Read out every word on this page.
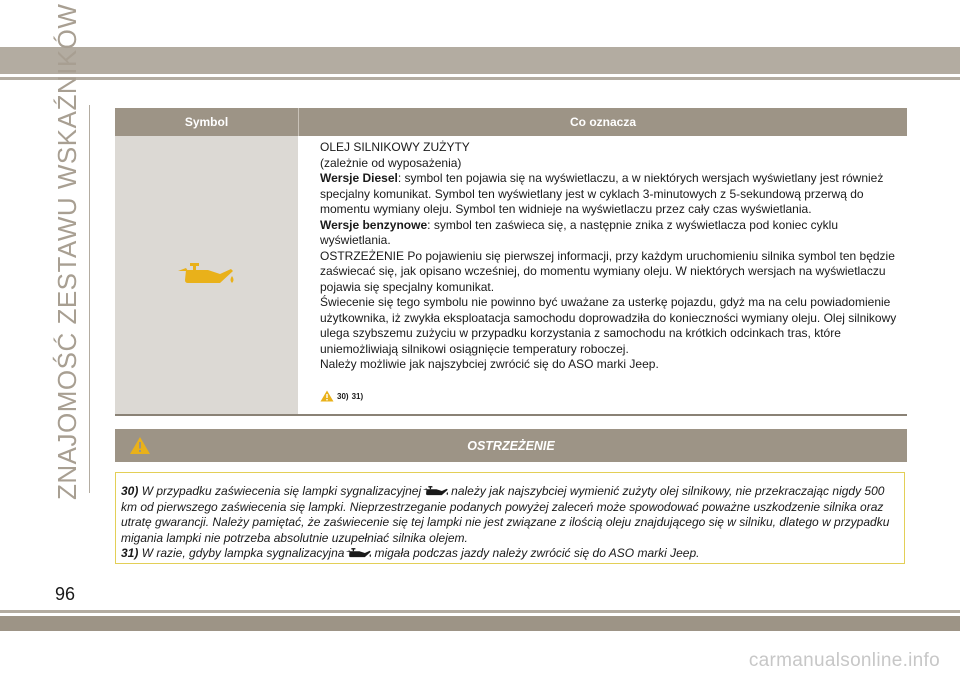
ZNAJOMOŚĆ ZESTAWU WSKAŹNIKÓW	Symbol	Co oznacza

OLEJ SILNIKOWY ZUŻYTY

(zależnie od wyposażenia)

Wersje Diesel: symbol ten pojawia się na wyświetlaczu, a w niektórych wersjach wyświetlany jest również specjalny komunikat. Symbol ten wyświetlany jest w cyklach 3-minutowych z 5-sekundową przerwą do momentu wymiany oleju. Symbol ten widnieje na wyświetlaczu przez cały czas wyświetlania.

Wersje benzynowe: symbol ten zaświeca się, a następnie znika z wyświetlacza pod koniec cyklu wyświetlania.

OSTRZEŻENIE Po pojawieniu się pierwszej informacji, przy każdym uruchomieniu silnika symbol ten będzie zaświecać się, jak opisano wcześniej, do momentu wymiany oleju. W niektórych wersjach na wyświetlaczu pojawia się specjalny komunikat.

Świecenie się tego symbolu nie powinno być uważane za usterkę pojazdu, gdyż ma na celu powiadomienie użytkownika, iż zwykła eksploatacja samochodu doprowadziła do konieczności wymiany oleju. Olej silnikowy ulega szybszemu zużyciu w przypadku korzystania z samochodu na krótkich odcinkach tras, które uniemożliwiają silnikowi osiągnięcie temperatury roboczej.

Należy możliwie jak najszybciej zwrócić się do ASO marki Jeep.

30) 31)
OSTRZEŻENIE

30) W przypadku zaświecenia się lampki sygnalizacyjnej	należy jak najszybciej wymienić zużyty olej silnikowy, nie przekraczając nigdy 500 km od pierwszego zaświecenia się lampki. Nieprzestrzeganie podanych powyżej zaleceń może spowodować poważne uszkodzenie silnika oraz utratę gwarancji. Należy pamiętać, że zaświecenie się tej lampki nie jest związane z ilością oleju znajdującego się w silniku, dlatego w przypadku migania lampki nie potrzeba absolutnie uzupełniać silnika olejem.

31) W razie, gdyby lampka sygnalizacyjna	migała podczas jazdy należy zwrócić się do ASO marki Jeep.

96
carmanualsonline.info
